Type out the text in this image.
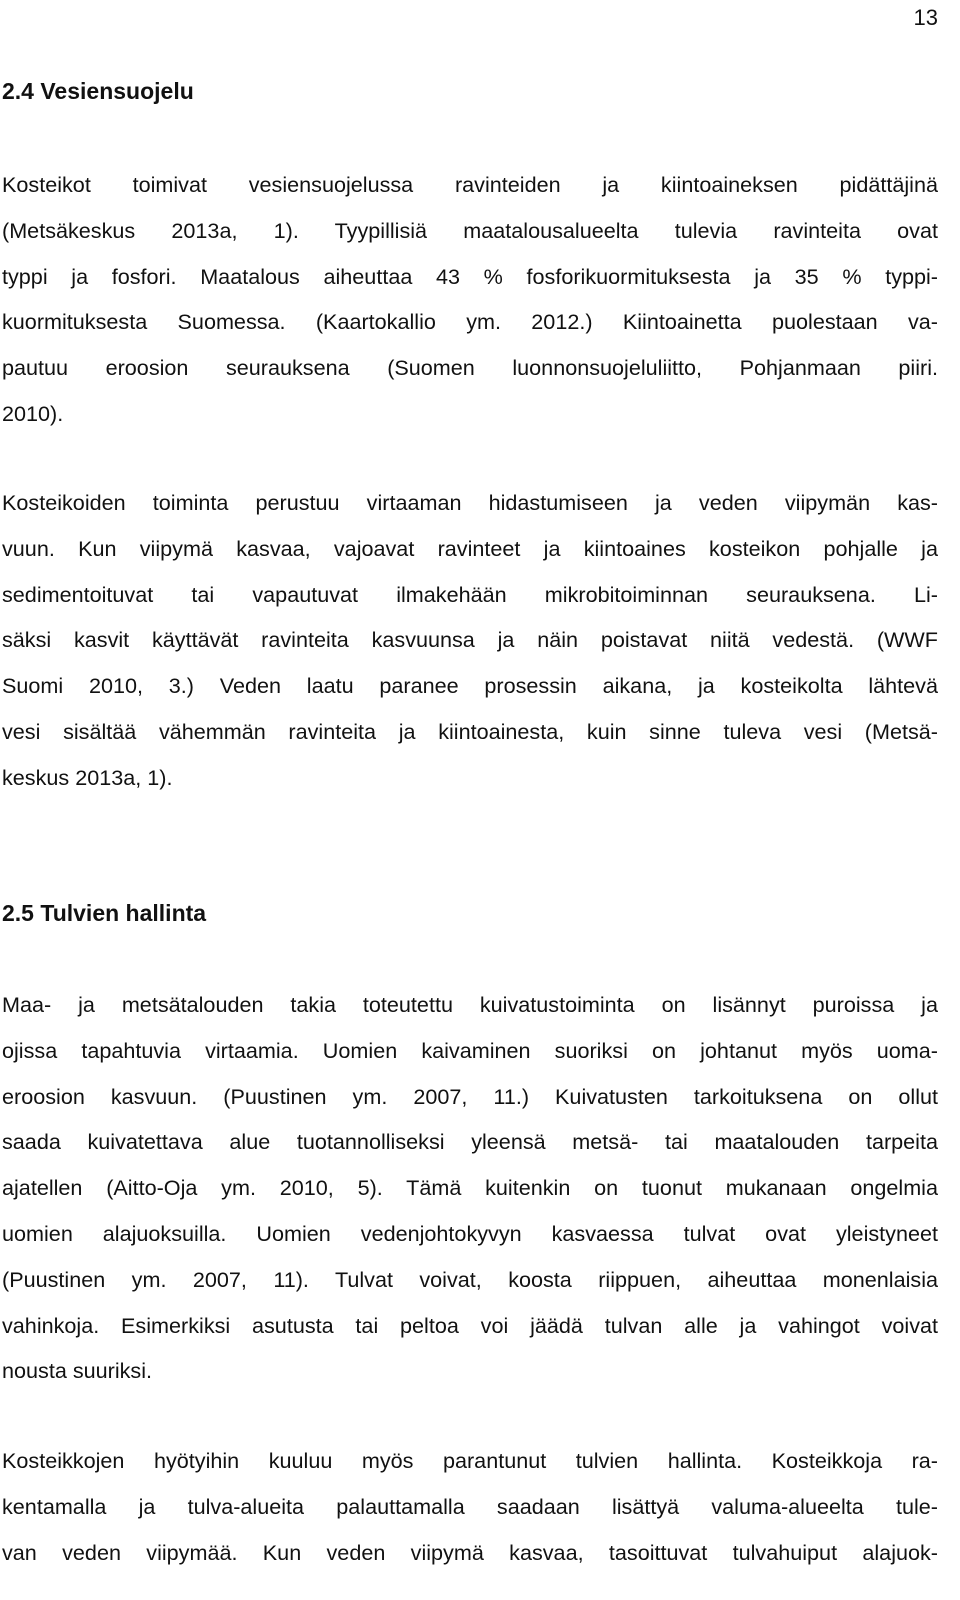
13
2.4 Vesiensuojelu
Kosteikot toimivat vesiensuojelussa ravinteiden ja kiintoaineksen pidättäjinä
(Metsäkeskus 2013a, 1). Tyypillisiä maatalousalueelta tulevia ravinteita ovat
typpi ja fosfori. Maatalous aiheuttaa 43 % fosforikuormituksesta ja 35 % typpi-
kuormituksesta Suomessa. (Kaartokallio ym. 2012.) Kiintoainetta puolestaan va-
pautuu eroosion seurauksena (Suomen luonnonsuojeluliitto, Pohjanmaan piiri.
2010).
Kosteikoiden toiminta perustuu virtaaman hidastumiseen ja veden viipymän kas-
vuun. Kun viipymä kasvaa, vajoavat ravinteet ja kiintoaines kosteikon pohjalle ja
sedimentoituvat tai vapautuvat ilmakehään mikrobitoiminnan seurauksena. Li-
säksi kasvit käyttävät ravinteita kasvuunsa ja näin poistavat niitä vedestä. (WWF
Suomi 2010, 3.) Veden laatu paranee prosessin aikana, ja kosteikolta lähtevä
vesi sisältää vähemmän ravinteita ja kiintoainesta, kuin sinne tuleva vesi (Metsä-
keskus 2013a, 1).
2.5 Tulvien hallinta
Maa- ja metsätalouden takia toteutettu kuivatustoiminta on lisännyt puroissa ja
ojissa tapahtuvia virtaamia. Uomien kaivaminen suoriksi on johtanut myös uoma-
eroosion kasvuun. (Puustinen ym. 2007, 11.) Kuivatusten tarkoituksena on ollut
saada kuivatettava alue tuotannolliseksi yleensä metsä- tai maatalouden tarpeita
ajatellen (Aitto-Oja ym. 2010, 5). Tämä kuitenkin on tuonut mukanaan ongelmia
uomien alajuoksuilla. Uomien vedenjohtokyvyn kasvaessa tulvat ovat yleistyneet
(Puustinen ym. 2007, 11). Tulvat voivat, koosta riippuen, aiheuttaa monenlaisia
vahinkoja. Esimerkiksi asutusta tai peltoa voi jäädä tulvan alle ja vahingot voivat
nousta suuriksi.
Kosteikkojen hyötyihin kuuluu myös parantunut tulvien hallinta. Kosteikkoja ra-
kentamalla ja tulva-alueita palauttamalla saadaan lisättyä valuma-alueelta tule-
van veden viipymää. Kun veden viipymä kasvaa, tasoittuvat tulvahuiput alajuok-
